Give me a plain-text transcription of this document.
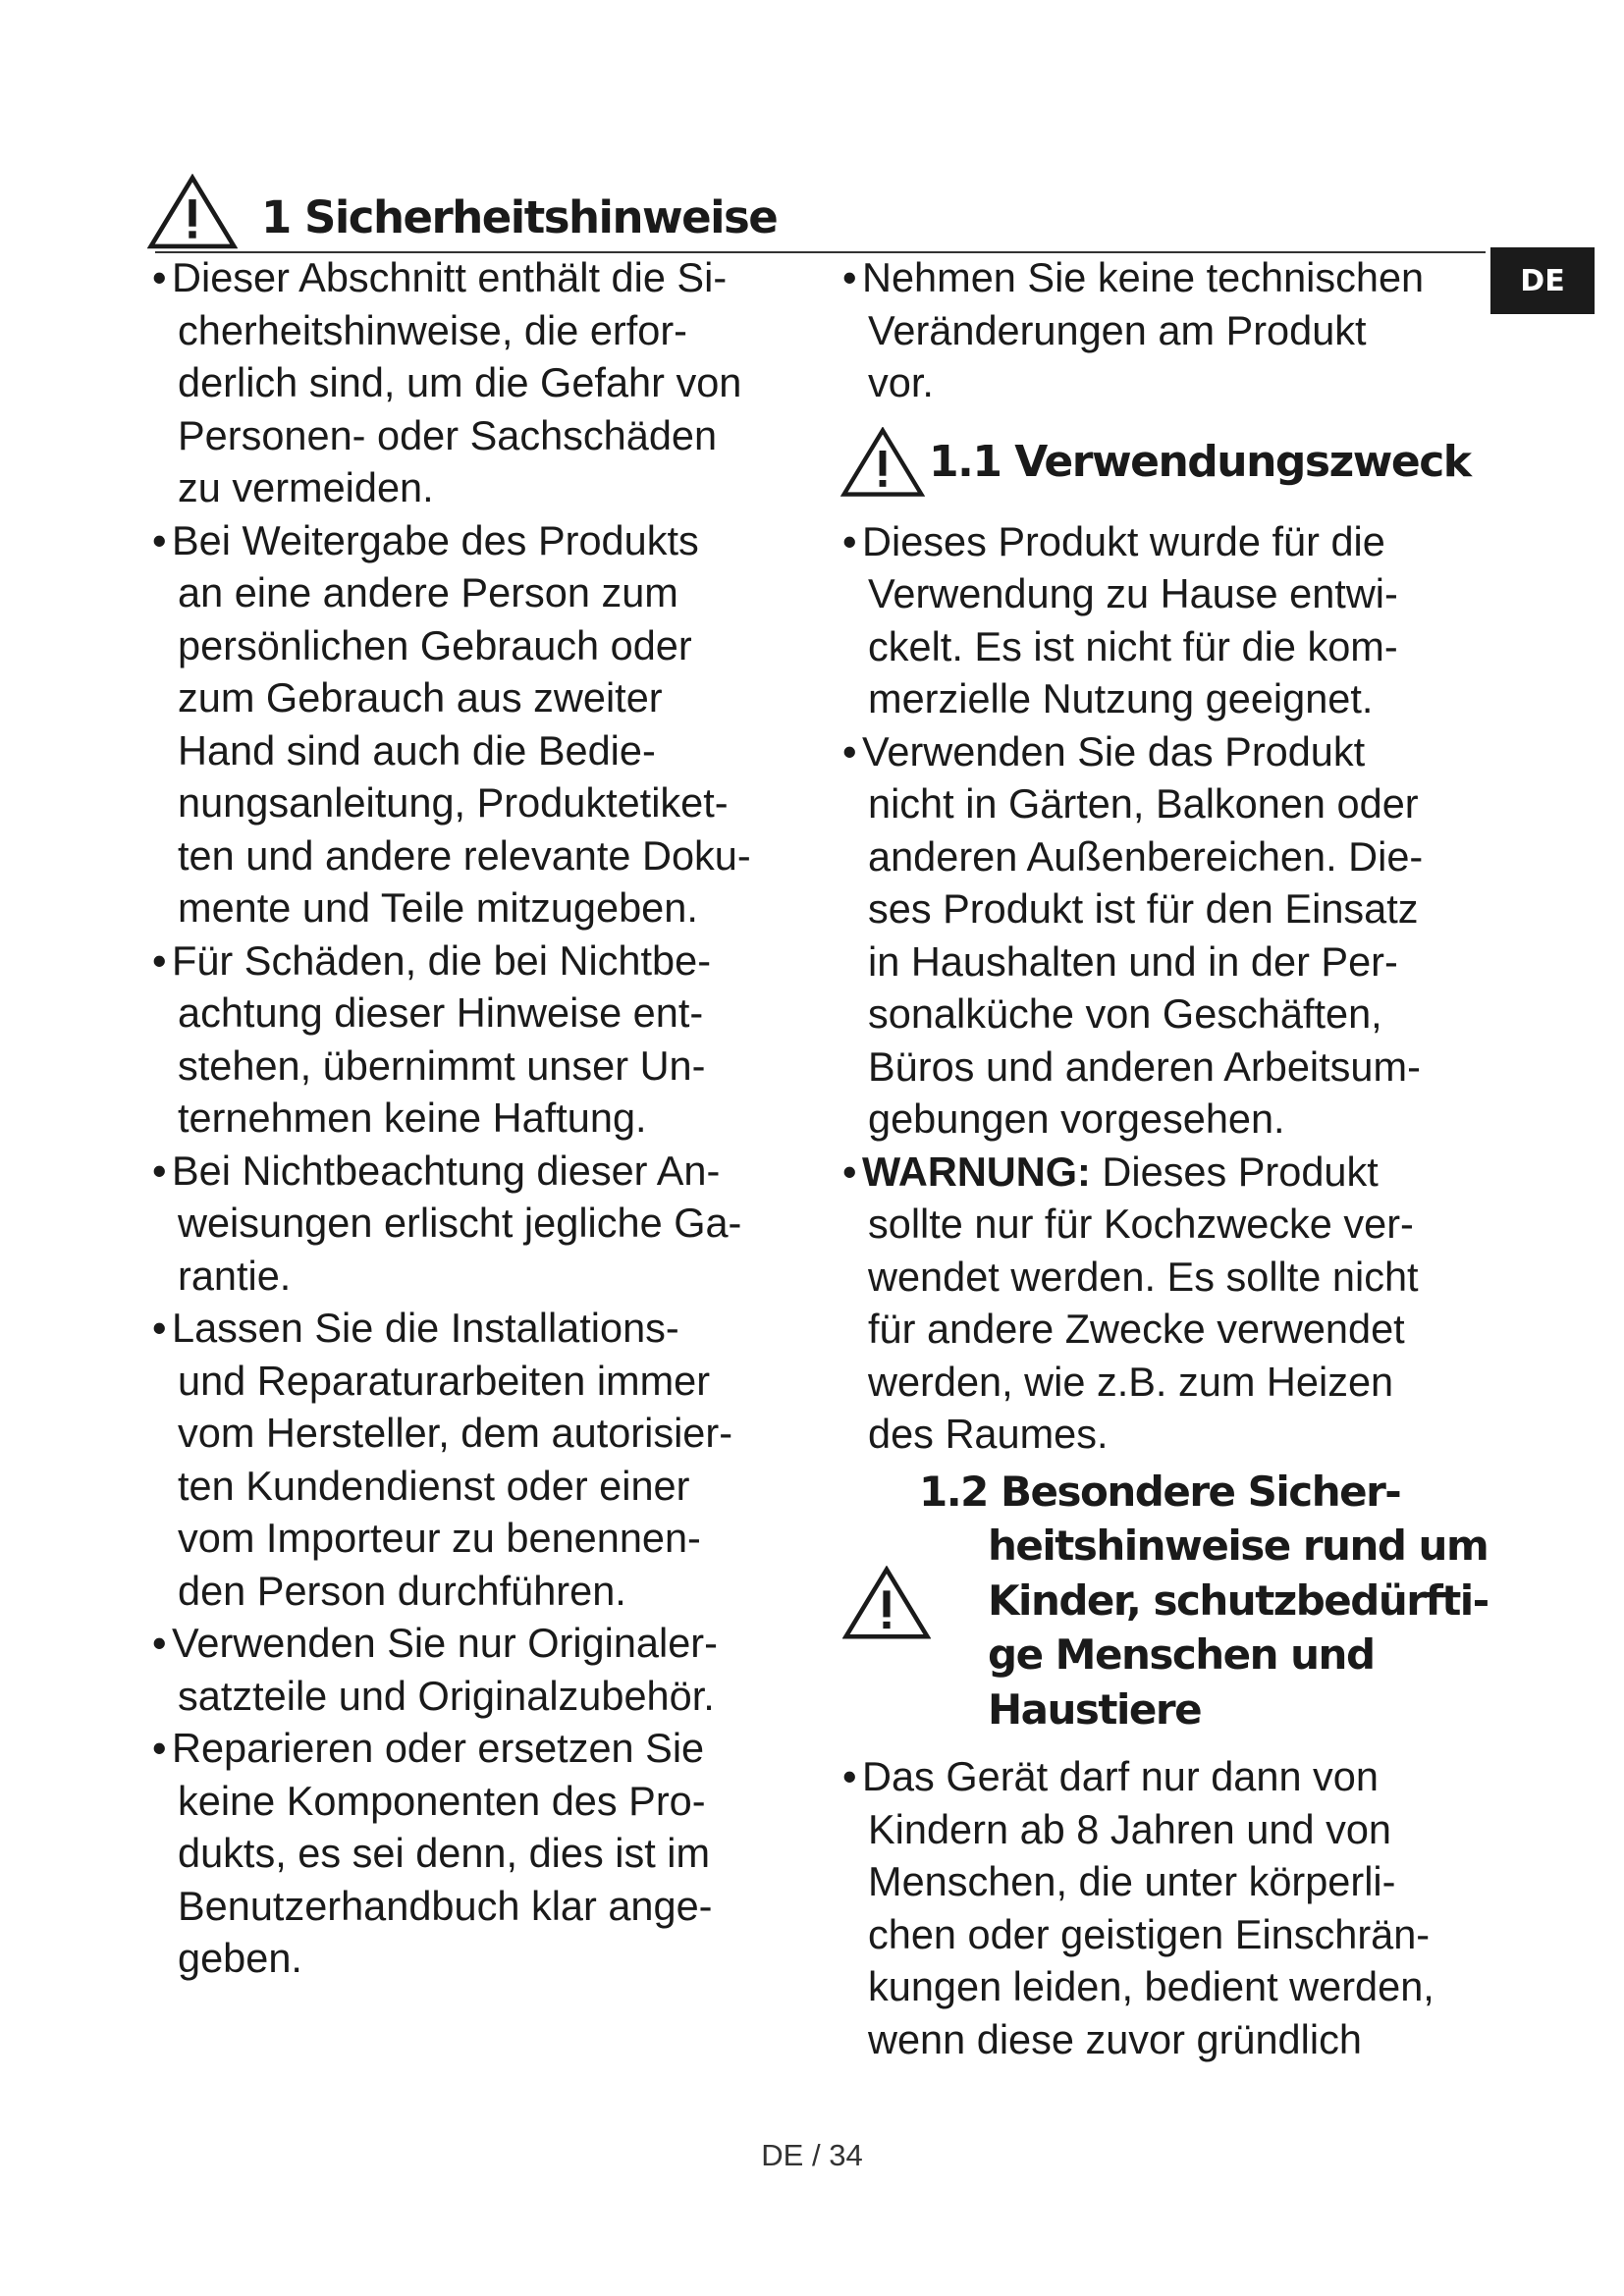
1 Sicherheitshinweise
DE
• Dieser Abschnitt enthält die Si-
cherheitshinweise, die erfor-
derlich sind, um die Gefahr von
Personen- oder Sachschäden
zu vermeiden.
• Bei Weitergabe des Produkts
an eine andere Person zum
persönlichen Gebrauch oder
zum Gebrauch aus zweiter
Hand sind auch die Bedie-
nungsanleitung, Produktetiket-
ten und andere relevante Doku-
mente und Teile mitzugeben.
• Für Schäden, die bei Nichtbe-
achtung dieser Hinweise ent-
stehen, übernimmt unser Un-
ternehmen keine Haftung.
• Bei Nichtbeachtung dieser An-
weisungen erlischt jegliche Ga-
rantie.
• Lassen Sie die Installations-
und Reparaturarbeiten immer
vom Hersteller, dem autorisier-
ten Kundendienst oder einer
vom Importeur zu benennen-
den Person durchführen.
• Verwenden Sie nur Originaler-
satzteile und Originalzubehör.
• Reparieren oder ersetzen Sie
keine Komponenten des Pro-
dukts, es sei denn, dies ist im
Benutzerhandbuch klar ange-
geben.
• Nehmen Sie keine technischen
Veränderungen am Produkt
vor.
1.1 Verwendungszweck
• Dieses Produkt wurde für die
Verwendung zu Hause entwi-
ckelt. Es ist nicht für die kom-
merzielle Nutzung geeignet.
• Verwenden Sie das Produkt
nicht in Gärten, Balkonen oder
anderen Außenbereichen. Die-
ses Produkt ist für den Einsatz
in Haushalten und in der Per-
sonalküche von Geschäften,
Büros und anderen Arbeitsum-
gebungen vorgesehen.
• WARNUNG: Dieses Produkt
sollte nur für Kochzwecke ver-
wendet werden. Es sollte nicht
für andere Zwecke verwendet
werden, wie z.B. zum Heizen
des Raumes.
1.2 Besondere Sicher-
heitshinweise rund um
Kinder, schutzbedürfti-
ge Menschen und
Haustiere
• Das Gerät darf nur dann von
Kindern ab 8 Jahren und von
Menschen, die unter körperli-
chen oder geistigen Einschrän-
kungen leiden, bedient werden,
wenn diese zuvor gründlich
DE / 34
